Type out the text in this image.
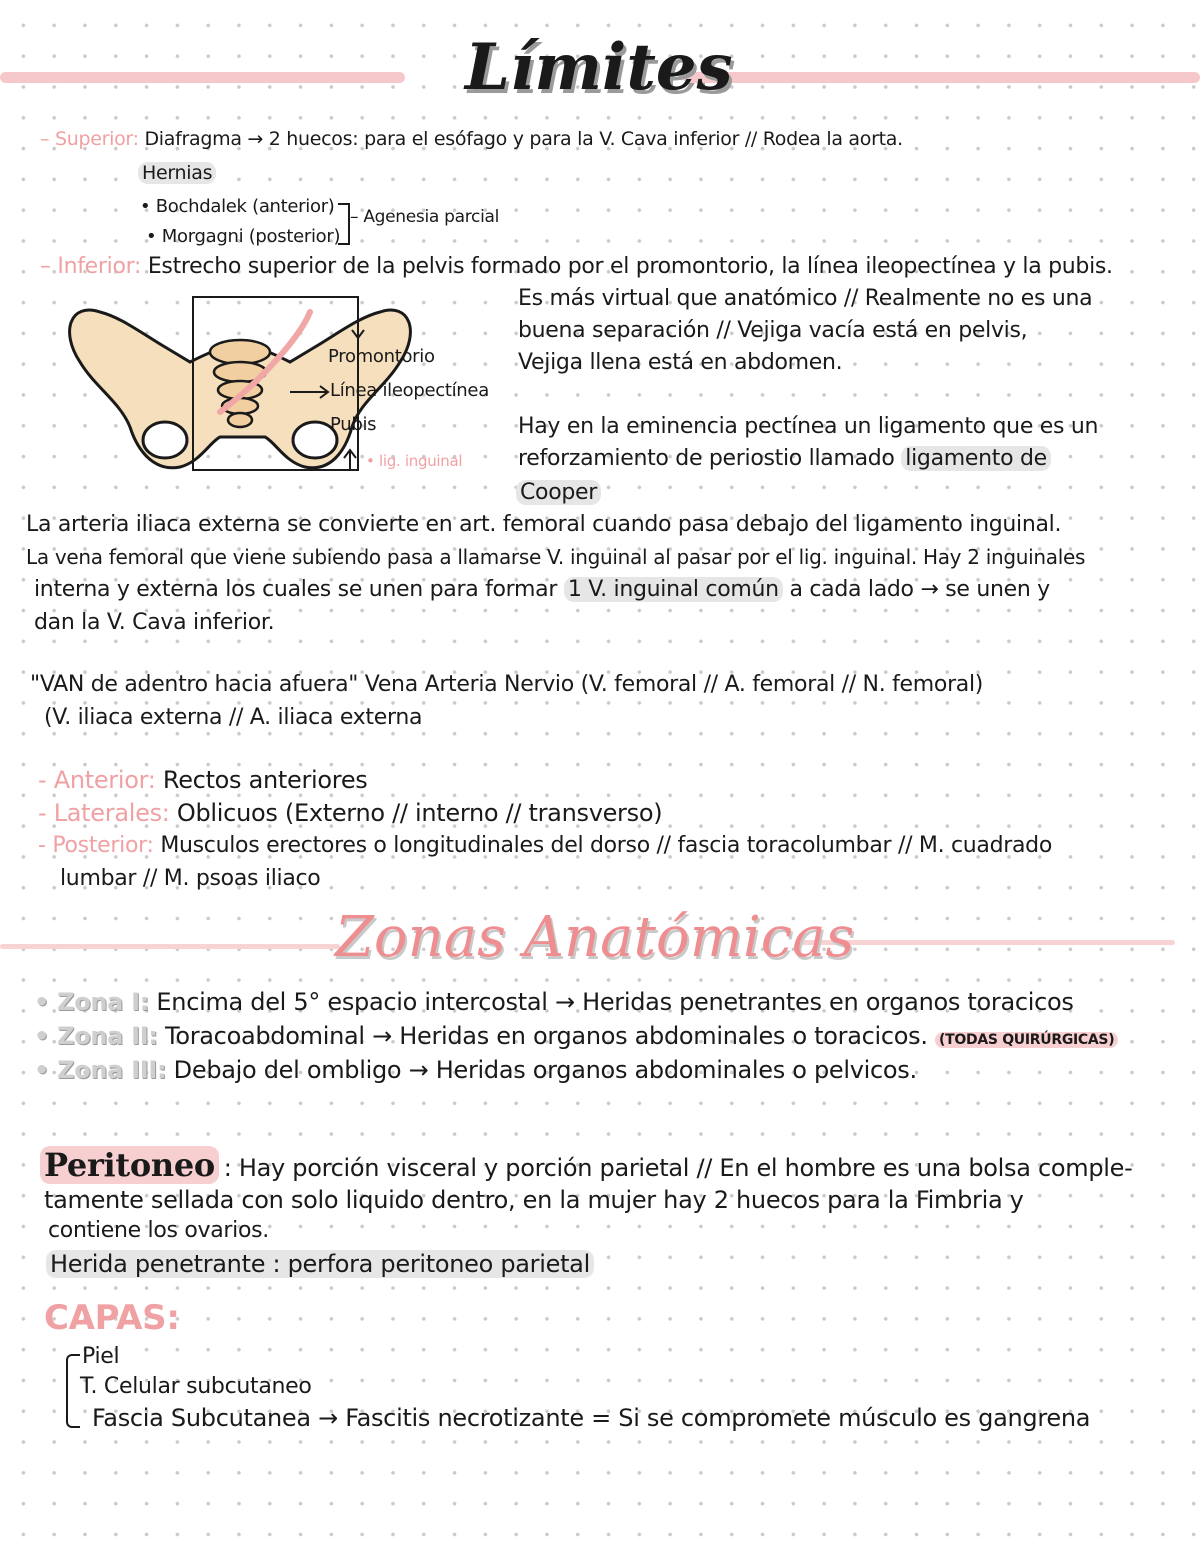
Límites
– Superior: Diafragma → 2 huecos: para el esófago y para la V. Cava inferior // Rodea la aorta.
Hernias
• Bochdalek (anterior)
• Morgagni (posterior)
– Agenesia parcial
– Inferior: Estrecho superior de la pelvis formado por el promontorio, la línea ileopectínea y la pubis.
Promontorio
Línea ileopectínea
Pubis
• lig. inguinal
Es más virtual que anatómico // Realmente no es una
buena separación // Vejiga vacía está en pelvis,
Vejiga llena está en abdomen.
Hay en la eminencia pectínea un ligamento que es un
reforzamiento de periostio llamado ligamento de
Cooper
La arteria iliaca externa se convierte en art. femoral cuando pasa debajo del ligamento inguinal.
La vena femoral que viene subiendo pasa a llamarse V. inguinal al pasar por el lig. inguinal. Hay 2 inguinales
interna y externa los cuales se unen para formar 1 V. inguinal común a cada lado → se unen y
dan la V. Cava inferior.
"VAN de adentro hacia afuera" Vena Arteria Nervio (V. femoral // A. femoral // N. femoral)
(V. iliaca externa // A. iliaca externa
- Anterior: Rectos anteriores
- Laterales: Oblicuos (Externo // interno // transverso)
- Posterior: Musculos erectores o longitudinales del dorso // fascia toracolumbar // M. cuadrado
lumbar // M. psoas iliaco
Zonas Anatómicas
• Zona I: Encima del 5° espacio intercostal → Heridas penetrantes en organos toracicos
• Zona II: Toracoabdominal → Heridas en organos abdominales o toracicos. (TODAS QUIRÚRGICAS)
• Zona III: Debajo del ombligo → Heridas organos abdominales o pelvicos.
Peritoneo : Hay porción visceral y porción parietal // En el hombre es una bolsa comple-
tamente sellada con solo liquido dentro, en la mujer hay 2 huecos para la Fimbria y
contiene los ovarios.
Herida penetrante : perfora peritoneo parietal
CAPAS:
Piel
T. Celular subcutaneo
Fascia Subcutanea → Fascitis necrotizante = Si se compromete músculo es gangrena
